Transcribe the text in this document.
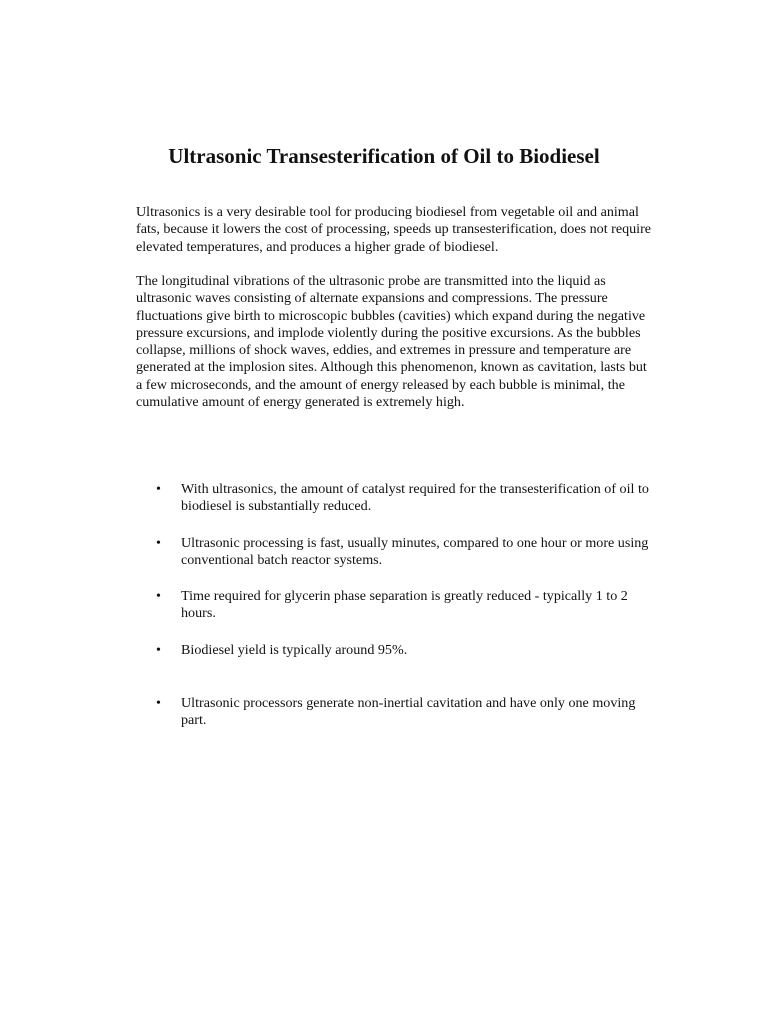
Ultrasonic Transesterification of Oil to Biodiesel

Ultrasonics is a very desirable tool for producing biodiesel from vegetable oil and animal fats, because it lowers the cost of processing, speeds up transesterification, does not require elevated temperatures, and produces a higher grade of biodiesel.

The longitudinal vibrations of the ultrasonic probe are transmitted into the liquid as ultrasonic waves consisting of alternate expansions and compressions. The pressure fluctuations give birth to microscopic bubbles (cavities) which expand during the negative pressure excursions, and implode violently during the positive excursions. As the bubbles collapse, millions of shock waves, eddies, and extremes in pressure and temperature are generated at the implosion sites. Although this phenomenon, known as cavitation, lasts but a few microseconds, and the amount of energy released by each bubble is minimal, the cumulative amount of energy generated is extremely high.

• With ultrasonics, the amount of catalyst required for the transesterification of oil to biodiesel is substantially reduced.
• Ultrasonic processing is fast, usually minutes, compared to one hour or more using conventional batch reactor systems.
• Time required for glycerin phase separation is greatly reduced - typically 1 to 2 hours.
• Biodiesel yield is typically around 95%.
• Ultrasonic processors generate non-inertial cavitation and have only one moving part.
